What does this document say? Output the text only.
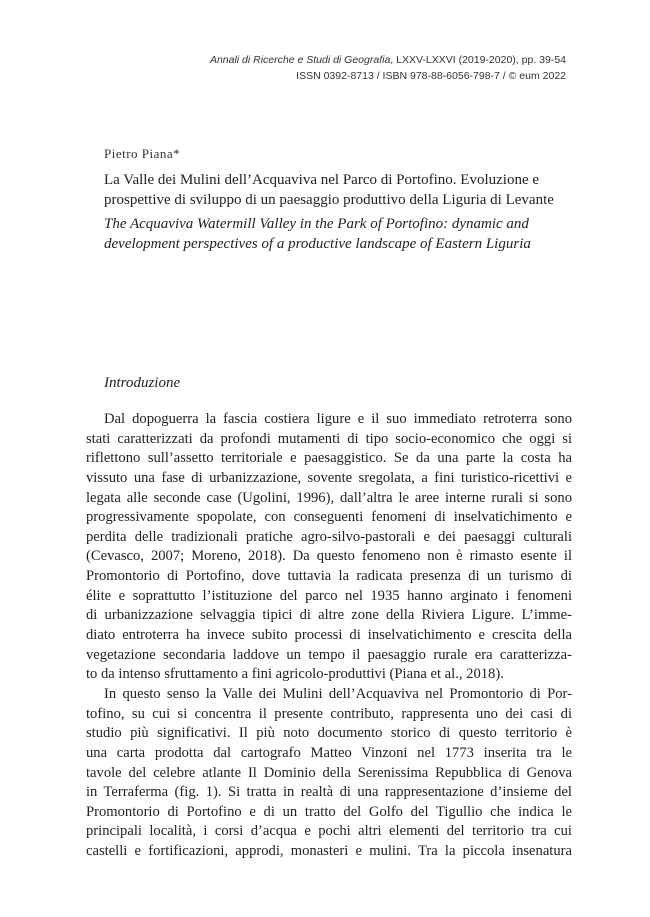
Annali di Ricerche e Studi di Geografia, LXXV-LXXVI (2019-2020), pp. 39-54
ISSN 0392-8713 / ISBN 978-88-6056-798-7 / © eum 2022
Pietro Piana*
La Valle dei Mulini dell’Acquaviva nel Parco di Portofino. Evoluzione e prospettive di sviluppo di un paesaggio produttivo della Liguria di Levante
The Acquaviva Watermill Valley in the Park of Portofino: dynamic and development perspectives of a productive landscape of Eastern Liguria
Introduzione
Dal dopoguerra la fascia costiera ligure e il suo immediato retroterra sono
stati caratterizzati da profondi mutamenti di tipo socio-economico che oggi si
riflettono sull’assetto territoriale e paesaggistico. Se da una parte la costa ha
vissuto una fase di urbanizzazione, sovente sregolata, a fini turistico-ricettivi e
legata alle seconde case (Ugolini, 1996), dall’altra le aree interne rurali si sono
progressivamente spopolate, con conseguenti fenomeni di inselvatichimento e
perdita delle tradizionali pratiche agro-silvo-pastorali e dei paesaggi culturali
(Cevasco, 2007; Moreno, 2018). Da questo fenomeno non è rimasto esente il
Promontorio di Portofino, dove tuttavia la radicata presenza di un turismo di
élite e soprattutto l’istituzione del parco nel 1935 hanno arginato i fenomeni
di urbanizzazione selvaggia tipici di altre zone della Riviera Ligure. L’imme-
diato entroterra ha invece subito processi di inselvatichimento e crescita della
vegetazione secondaria laddove un tempo il paesaggio rurale era caratterizza-
to da intenso sfruttamento a fini agricolo-produttivi (Piana et al., 2018).
In questo senso la Valle dei Mulini dell’Acquaviva nel Promontorio di Por-
tofino, su cui si concentra il presente contributo, rappresenta uno dei casi di
studio più significativi. Il più noto documento storico di questo territorio è
una carta prodotta dal cartografo Matteo Vinzoni nel 1773 inserita tra le
tavole del celebre atlante Il Dominio della Serenissima Repubblica di Genova
in Terraferma (fig. 1). Si tratta in realtà di una rappresentazione d’insieme del
Promontorio di Portofino e di un tratto del Golfo del Tigullio che indica le
principali località, i corsi d’acqua e pochi altri elementi del territorio tra cui
castelli e fortificazioni, approdi, monasteri e mulini. Tra la piccola insenatura
